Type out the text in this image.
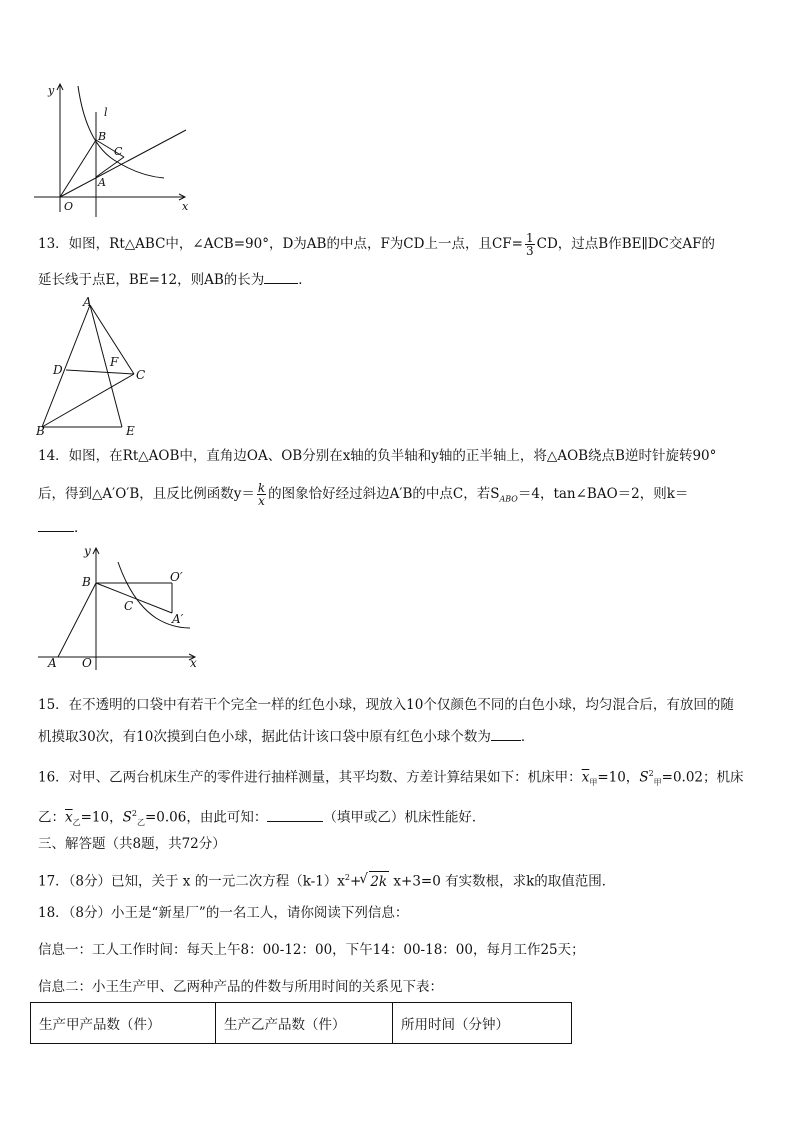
y
x
O
l
B
C
A
13．如图，Rt△ABC中，∠ACB=90°，D为AB的中点，F为CD上一点，且$CF= \frac{1}{3}$ CD，过点B作BE∥DC交AF的
延长线于点E，BE=12，则AB的长为	．
A
D
F
C
B	E
14．如图，在Rt△AOB中，直角边OA、OB分别在x轴的负半轴和y轴的正半轴上，将△AOB绕点B逆时针旋转90°
后，得到△A′O′B，且反比例函数$y= \frac{k}{x}$ 的图象恰好经过斜边A′B的中点C，若$S_{ABO}=4$，tan∠BAO＝2，则k＝
．
y
B	O′
C
A′
A O	x
15．在不透明的口袋中有若干个完全一样的红色小球，现放入10个仅颜色不同的白色小球，均匀混合后，有放回的随
机摸取30次，有10次摸到白色小球，据此估计该口袋中原有红色小球个数为 ．
16．对甲、乙两台机床生产的零件进行抽样测量，其平均数、方差计算结果如下：机床甲：$\overline{x}_甲=10$，$S^2_甲=0.02$；机床
乙：$\overline{x}_乙=10$，$S^2_乙=0.06$，由此可知：	（填甲或乙）机床性能好．
三、解答题（共8题，共72分）
17．（8分）已知，关于 x 的一元二次方程$(k-1)x^2+$ √ 2k x+3=0 有实数根，求k的取值范围．
18．（8分）小王是“新星厂”的一名工人，请你阅读下列信息：
信息一：工人工作时间：每天上午8：00-12：00，下午14：00-18：00，每月工作25天；
信息二：小王生产甲、乙两种产品的件数与所用时间的关系见下表：
生产甲产品数（件）	生产乙产品数（件）	所用时间（分钟）
